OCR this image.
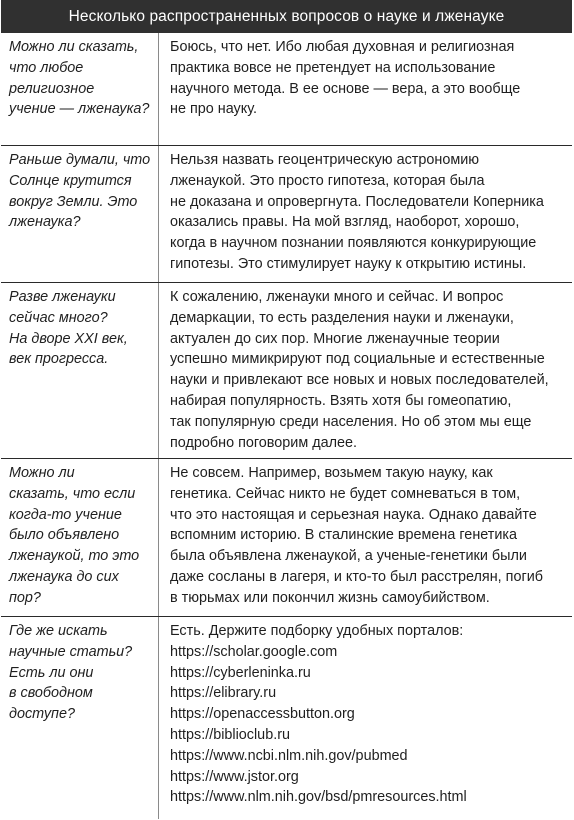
Несколько распространенных вопросов о науке и лженауке
Можно ли сказать,
что любое
религиозное
учение — лженаука?
Боюсь, что нет. Ибо любая духовная и религиозная
практика вовсе не претендует на использование
научного метода. В ее основе — вера, а это вообще
не про науку.
Раньше думали, что
Солнце крутится
вокруг Земли. Это
лженаука?
Нельзя назвать геоцентрическую астрономию
лженаукой. Это просто гипотеза, которая была
не доказана и опровергнута. Последователи Коперника
оказались правы. На мой взгляд, наоборот, хорошо,
когда в научном познании появляются конкурирующие
гипотезы. Это стимулирует науку к открытию истины.
Разве лженауки
сейчас много?
На дворе XXI век,
век прогресса.
К сожалению, лженауки много и сейчас. И вопрос
демаркации, то есть разделения науки и лженауки,
актуален до сих пор. Многие лженаучные теории
успешно мимикрируют под социальные и естественные
науки и привлекают все новых и новых последователей,
набирая популярность. Взять хотя бы гомеопатию,
так популярную среди населения. Но об этом мы еще
подробно поговорим далее.
Можно ли
сказать, что если
когда-то учение
было объявлено
лженаукой, то это
лженаука до сих
пор?
Не совсем. Например, возьмем такую науку, как
генетика. Сейчас никто не будет сомневаться в том,
что это настоящая и серьезная наука. Однако давайте
вспомним историю. В сталинские времена генетика
была объявлена лженаукой, а ученые-генетики были
даже сосланы в лагеря, и кто-то был расстрелян, погиб
в тюрьмах или покончил жизнь самоубийством.
Где же искать
научные статьи?
Есть ли они
в свободном
доступе?
Есть. Держите подборку удобных порталов:
https://scholar.google.com
https://cyberleninka.ru
https://elibrary.ru
https://openaccessbutton.org
https://biblioclub.ru
https://www.ncbi.nlm.nih.gov/pubmed
https://www.jstor.org
https://www.nlm.nih.gov/bsd/pmresources.html
